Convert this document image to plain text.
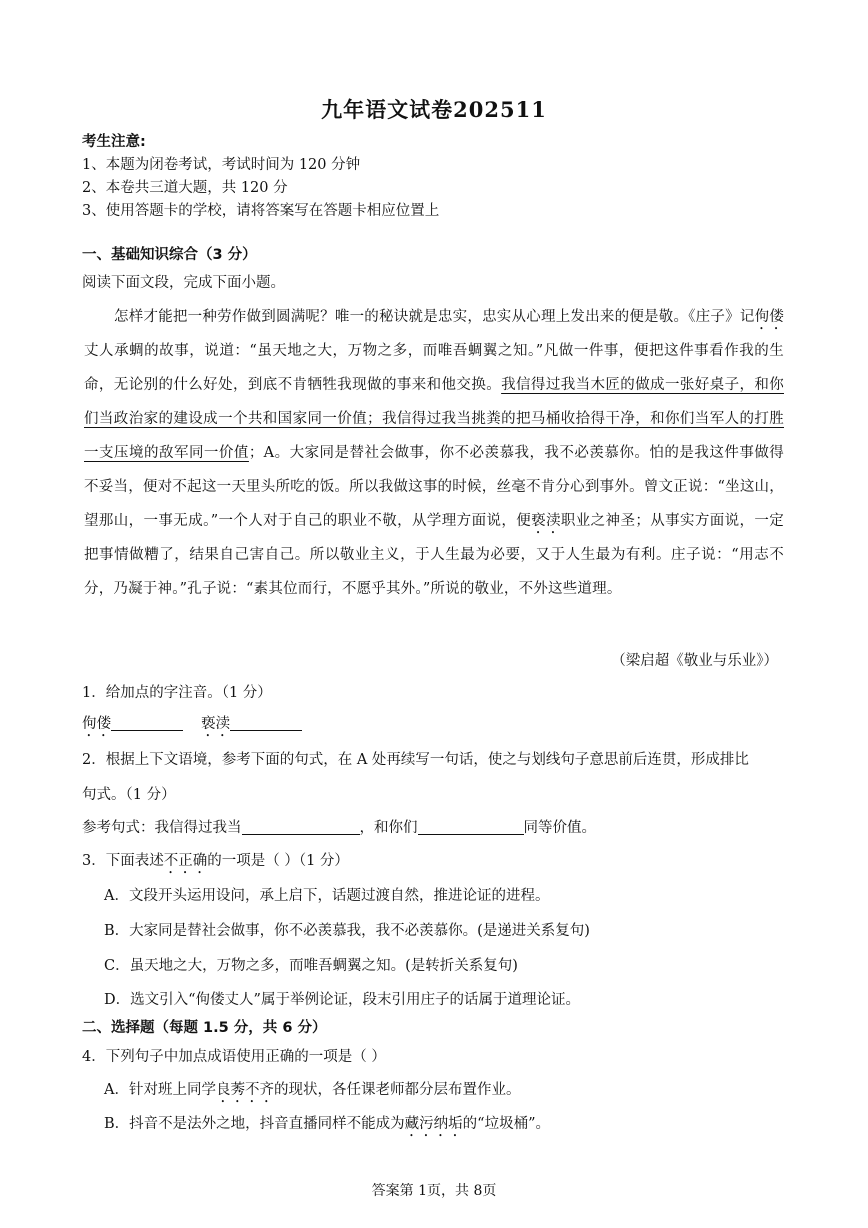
九年语文试卷202511
考生注意:
1、本题为闭卷考试，考试时间为 120 分钟
2、本卷共三道大题，共 120 分
3、使用答题卡的学校，请将答案写在答题卡相应位置上
一、基础知识综合（3 分）
阅读下面文段，完成下面小题。
怎样才能把一种劳作做到圆满呢？唯一的秘诀就是忠实，忠实从心理上发出来的便是敬。《庄子》记佝偻丈人承蜩的故事，说道：“虽天地之大，万物之多，而唯吾蜩翼之知。”凡做一件事，便把这件事看作我的生命，无论别的什么好处，到底不肯牺牲我现做的事来和他交换。我信得过我当木匠的做成一张好桌子，和你们当政治家的建设成一个共和国家同一价值；我信得过我当挑粪的把马桶收拾得干净，和你们当军人的打胜一支压境的敌军同一价值；A。大家同是替社会做事，你不必羡慕我，我不必羡慕你。怕的是我这件事做得不妥当，便对不起这一天里头所吃的饭。所以我做这事的时候，丝毫不肯分心到事外。曾文正说：“坐这山，望那山，一事无成。”一个人对于自己的职业不敬，从学理方面说，便亵渎职业之神圣；从事实方面说，一定把事情做糟了，结果自己害自己。所以敬业主义，于人生最为必要，又于人生最为有利。庄子说：“用志不分，乃凝于神。”孔子说：“素其位而行，不愿乎其外。”所说的敬业，不外这些道理。
（梁启超《敬业与乐业》）
1．给加点的字注音。（1 分）
佝偻	亵渎
2．根据上下文语境，参考下面的句式，在 A 处再续写一句话，使之与划线句子意思前后连贯，形成排比
句式。（1 分）
参考句式：我信得过我当	，和你们	同等价值。
3．下面表述不正确的一项是（ ）（1 分）
A．文段开头运用设问，承上启下，话题过渡自然，推进论证的进程。
B．大家同是替社会做事，你不必羡慕我，我不必羡慕你。(是递进关系复句)
C．虽天地之大，万物之多，而唯吾蜩翼之知。(是转折关系复句)
D．选文引入“佝偻丈人”属于举例论证，段末引用庄子的话属于道理论证。
二、选择题（每题 1.5 分，共 6 分）
4．下列句子中加点成语使用正确的一项是（ ）
A．针对班上同学良莠不齐的现状，各任课老师都分层布置作业。
B．抖音不是法外之地，抖音直播同样不能成为藏污纳垢的“垃圾桶”。
答案第 1页，共 8页
